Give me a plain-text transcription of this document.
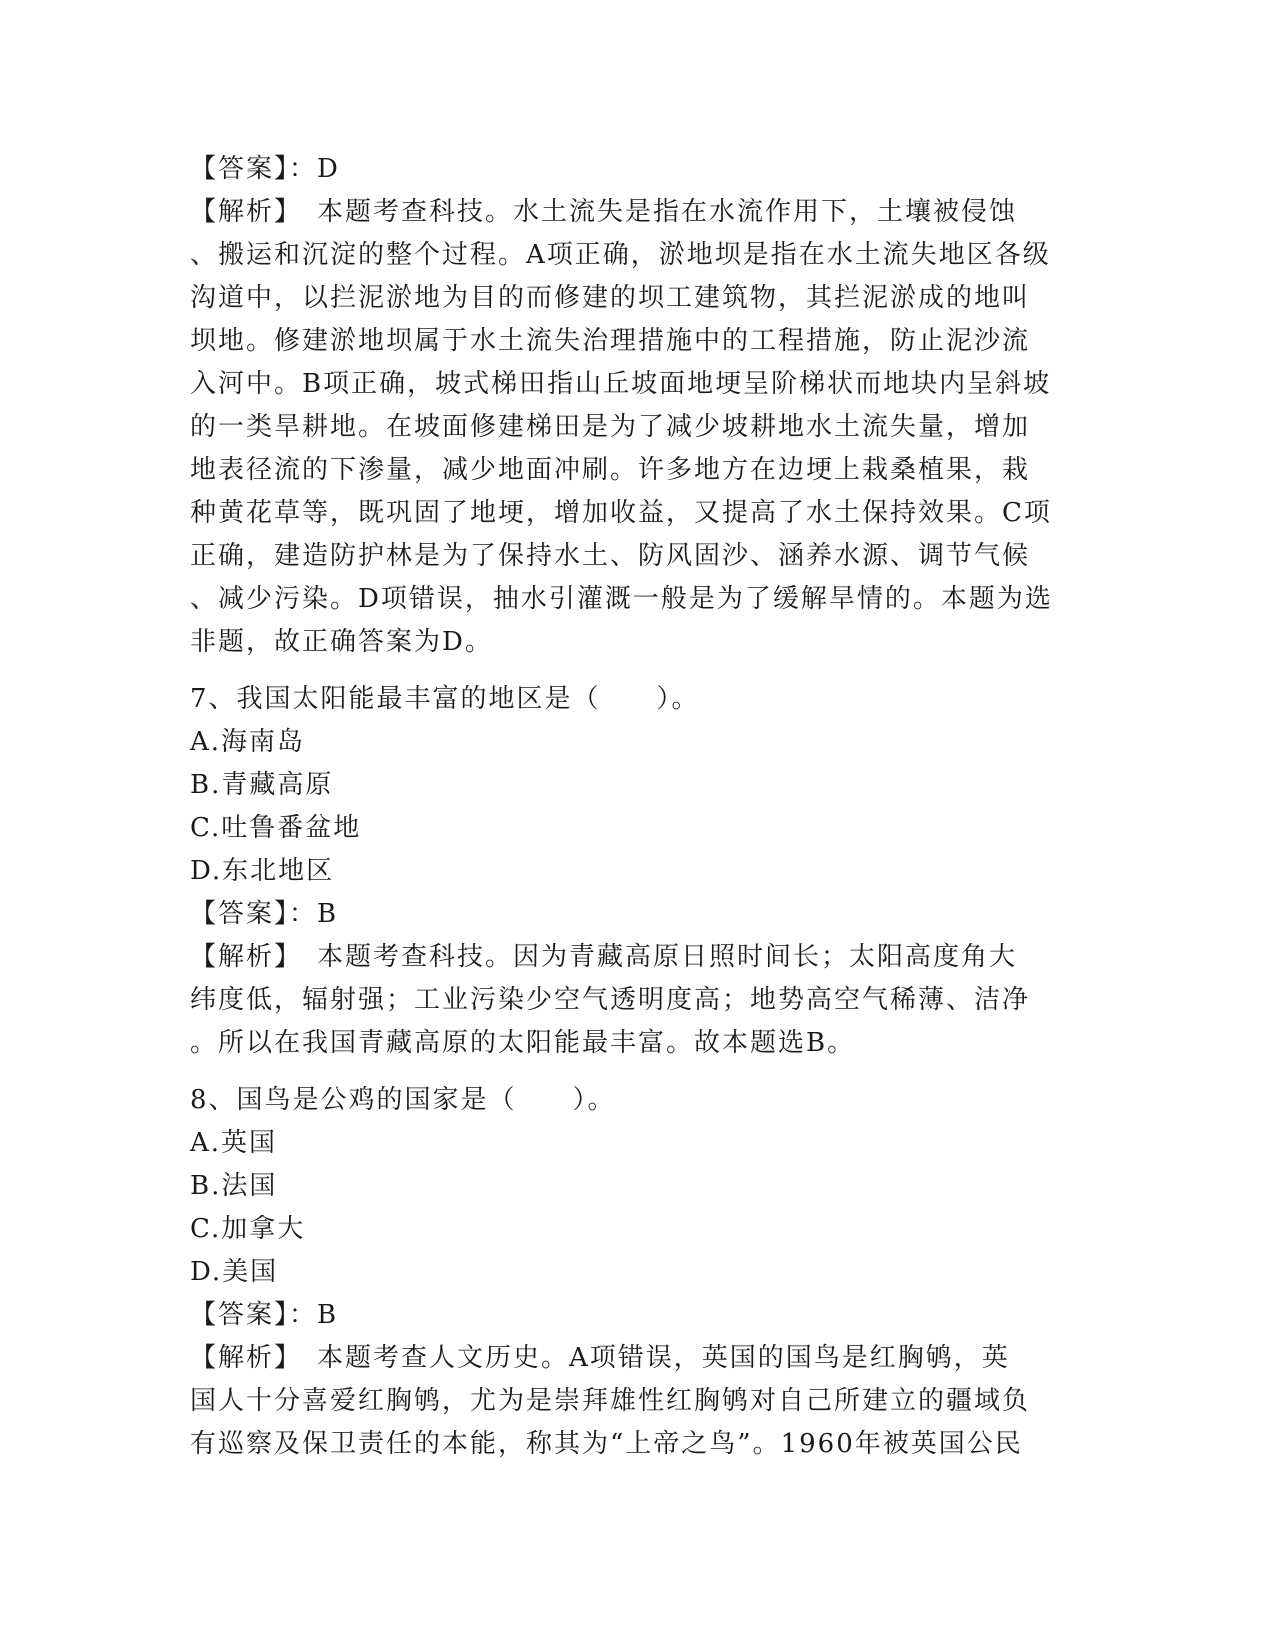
【答案】：D
【解析】　本题考查科技。水土流失是指在水流作用下，土壤被侵蚀
、搬运和沉淀的整个过程。A项正确，淤地坝是指在水土流失地区各级
沟道中，以拦泥淤地为目的而修建的坝工建筑物，其拦泥淤成的地叫
坝地。修建淤地坝属于水土流失治理措施中的工程措施，防止泥沙流
入河中。B项正确，坡式梯田指山丘坡面地埂呈阶梯状而地块内呈斜坡
的一类旱耕地。在坡面修建梯田是为了减少坡耕地水土流失量，增加
地表径流的下渗量，减少地面冲刷。许多地方在边埂上栽桑植果，栽
种黄花草等，既巩固了地埂，增加收益，又提高了水土保持效果。C项
正确，建造防护林是为了保持水土、防风固沙、涵养水源、调节气候
、减少污染。D项错误，抽水引灌溉一般是为了缓解旱情的。本题为选
非题，故正确答案为D。
7、我国太阳能最丰富的地区是（　　）。
A.海南岛
B.青藏高原
C.吐鲁番盆地
D.东北地区
【答案】：B
【解析】　本题考查科技。因为青藏高原日照时间长；太阳高度角大
纬度低，辐射强；工业污染少空气透明度高；地势高空气稀薄、洁净
。所以在我国青藏高原的太阳能最丰富。故本题选B。
8、国鸟是公鸡的国家是（　　）。
A.英国
B.法国
C.加拿大
D.美国
【答案】：B
【解析】　本题考查人文历史。A项错误，英国的国鸟是红胸鸲，英
国人十分喜爱红胸鸲，尤为是崇拜雄性红胸鸲对自己所建立的疆域负
有巡察及保卫责任的本能，称其为“上帝之鸟”。1960年被英国公民
